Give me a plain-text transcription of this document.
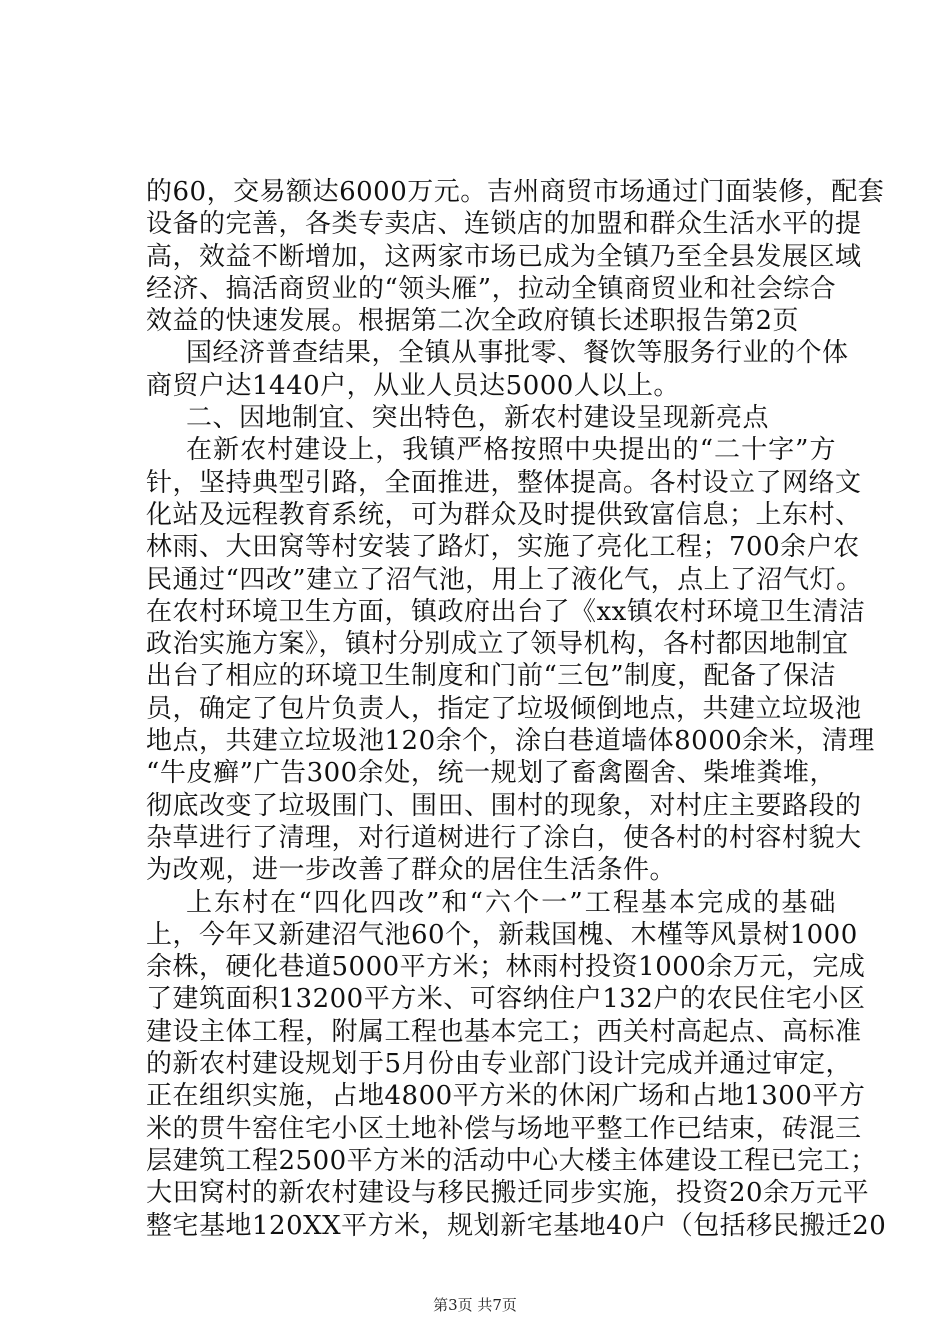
的60，交易额达6000万元。吉州商贸市场通过门面装修，配套
设备的完善，各类专卖店、连锁店的加盟和群众生活水平的提
高，效益不断增加，这两家市场已成为全镇乃至全县发展区域
经济、搞活商贸业的“领头雁”，拉动全镇商贸业和社会综合
效益的快速发展。根据第二次全政府镇长述职报告第2页
国经济普查结果，全镇从事批零、餐饮等服务行业的个体
商贸户达1440户，从业人员达5000人以上。
二、因地制宜、突出特色，新农村建设呈现新亮点
在新农村建设上，我镇严格按照中央提出的“二十字”方
针，坚持典型引路，全面推进，整体提高。各村设立了网络文
化站及远程教育系统，可为群众及时提供致富信息；上东村、
林雨、大田窝等村安装了路灯，实施了亮化工程；700余户农
民通过“四改”建立了沼气池，用上了液化气，点上了沼气灯。
在农村环境卫生方面，镇政府出台了《xx镇农村环境卫生清洁
政治实施方案》，镇村分别成立了领导机构，各村都因地制宜
出台了相应的环境卫生制度和门前“三包”制度，配备了保洁
员，确定了包片负责人，指定了垃圾倾倒地点，共建立垃圾池
地点，共建立垃圾池120余个，涂白巷道墙体8000余米，清理
“牛皮癣”广告300余处，统一规划了畜禽圈舍、柴堆粪堆，
彻底改变了垃圾围门、围田、围村的现象，对村庄主要路段的
杂草进行了清理，对行道树进行了涂白，使各村的村容村貌大
为改观，进一步改善了群众的居住生活条件。
上东村在“四化四改”和“六个一”工程基本完成的基础
上，今年又新建沼气池60个，新栽国槐、木槿等风景树1000
余株，硬化巷道5000平方米；林雨村投资1000余万元，完成
了建筑面积13200平方米、可容纳住户132户的农民住宅小区
建设主体工程，附属工程也基本完工；西关村高起点、高标准
的新农村建设规划于5月份由专业部门设计完成并通过审定，
正在组织实施，占地4800平方米的休闲广场和占地1300平方
米的贯牛窑住宅小区土地补偿与场地平整工作已结束，砖混三
层建筑工程2500平方米的活动中心大楼主体建设工程已完工；
大田窝村的新农村建设与移民搬迁同步实施，投资20余万元平
整宅基地120XX平方米，规划新宅基地40户（包括移民搬迁20
第3页 共7页
